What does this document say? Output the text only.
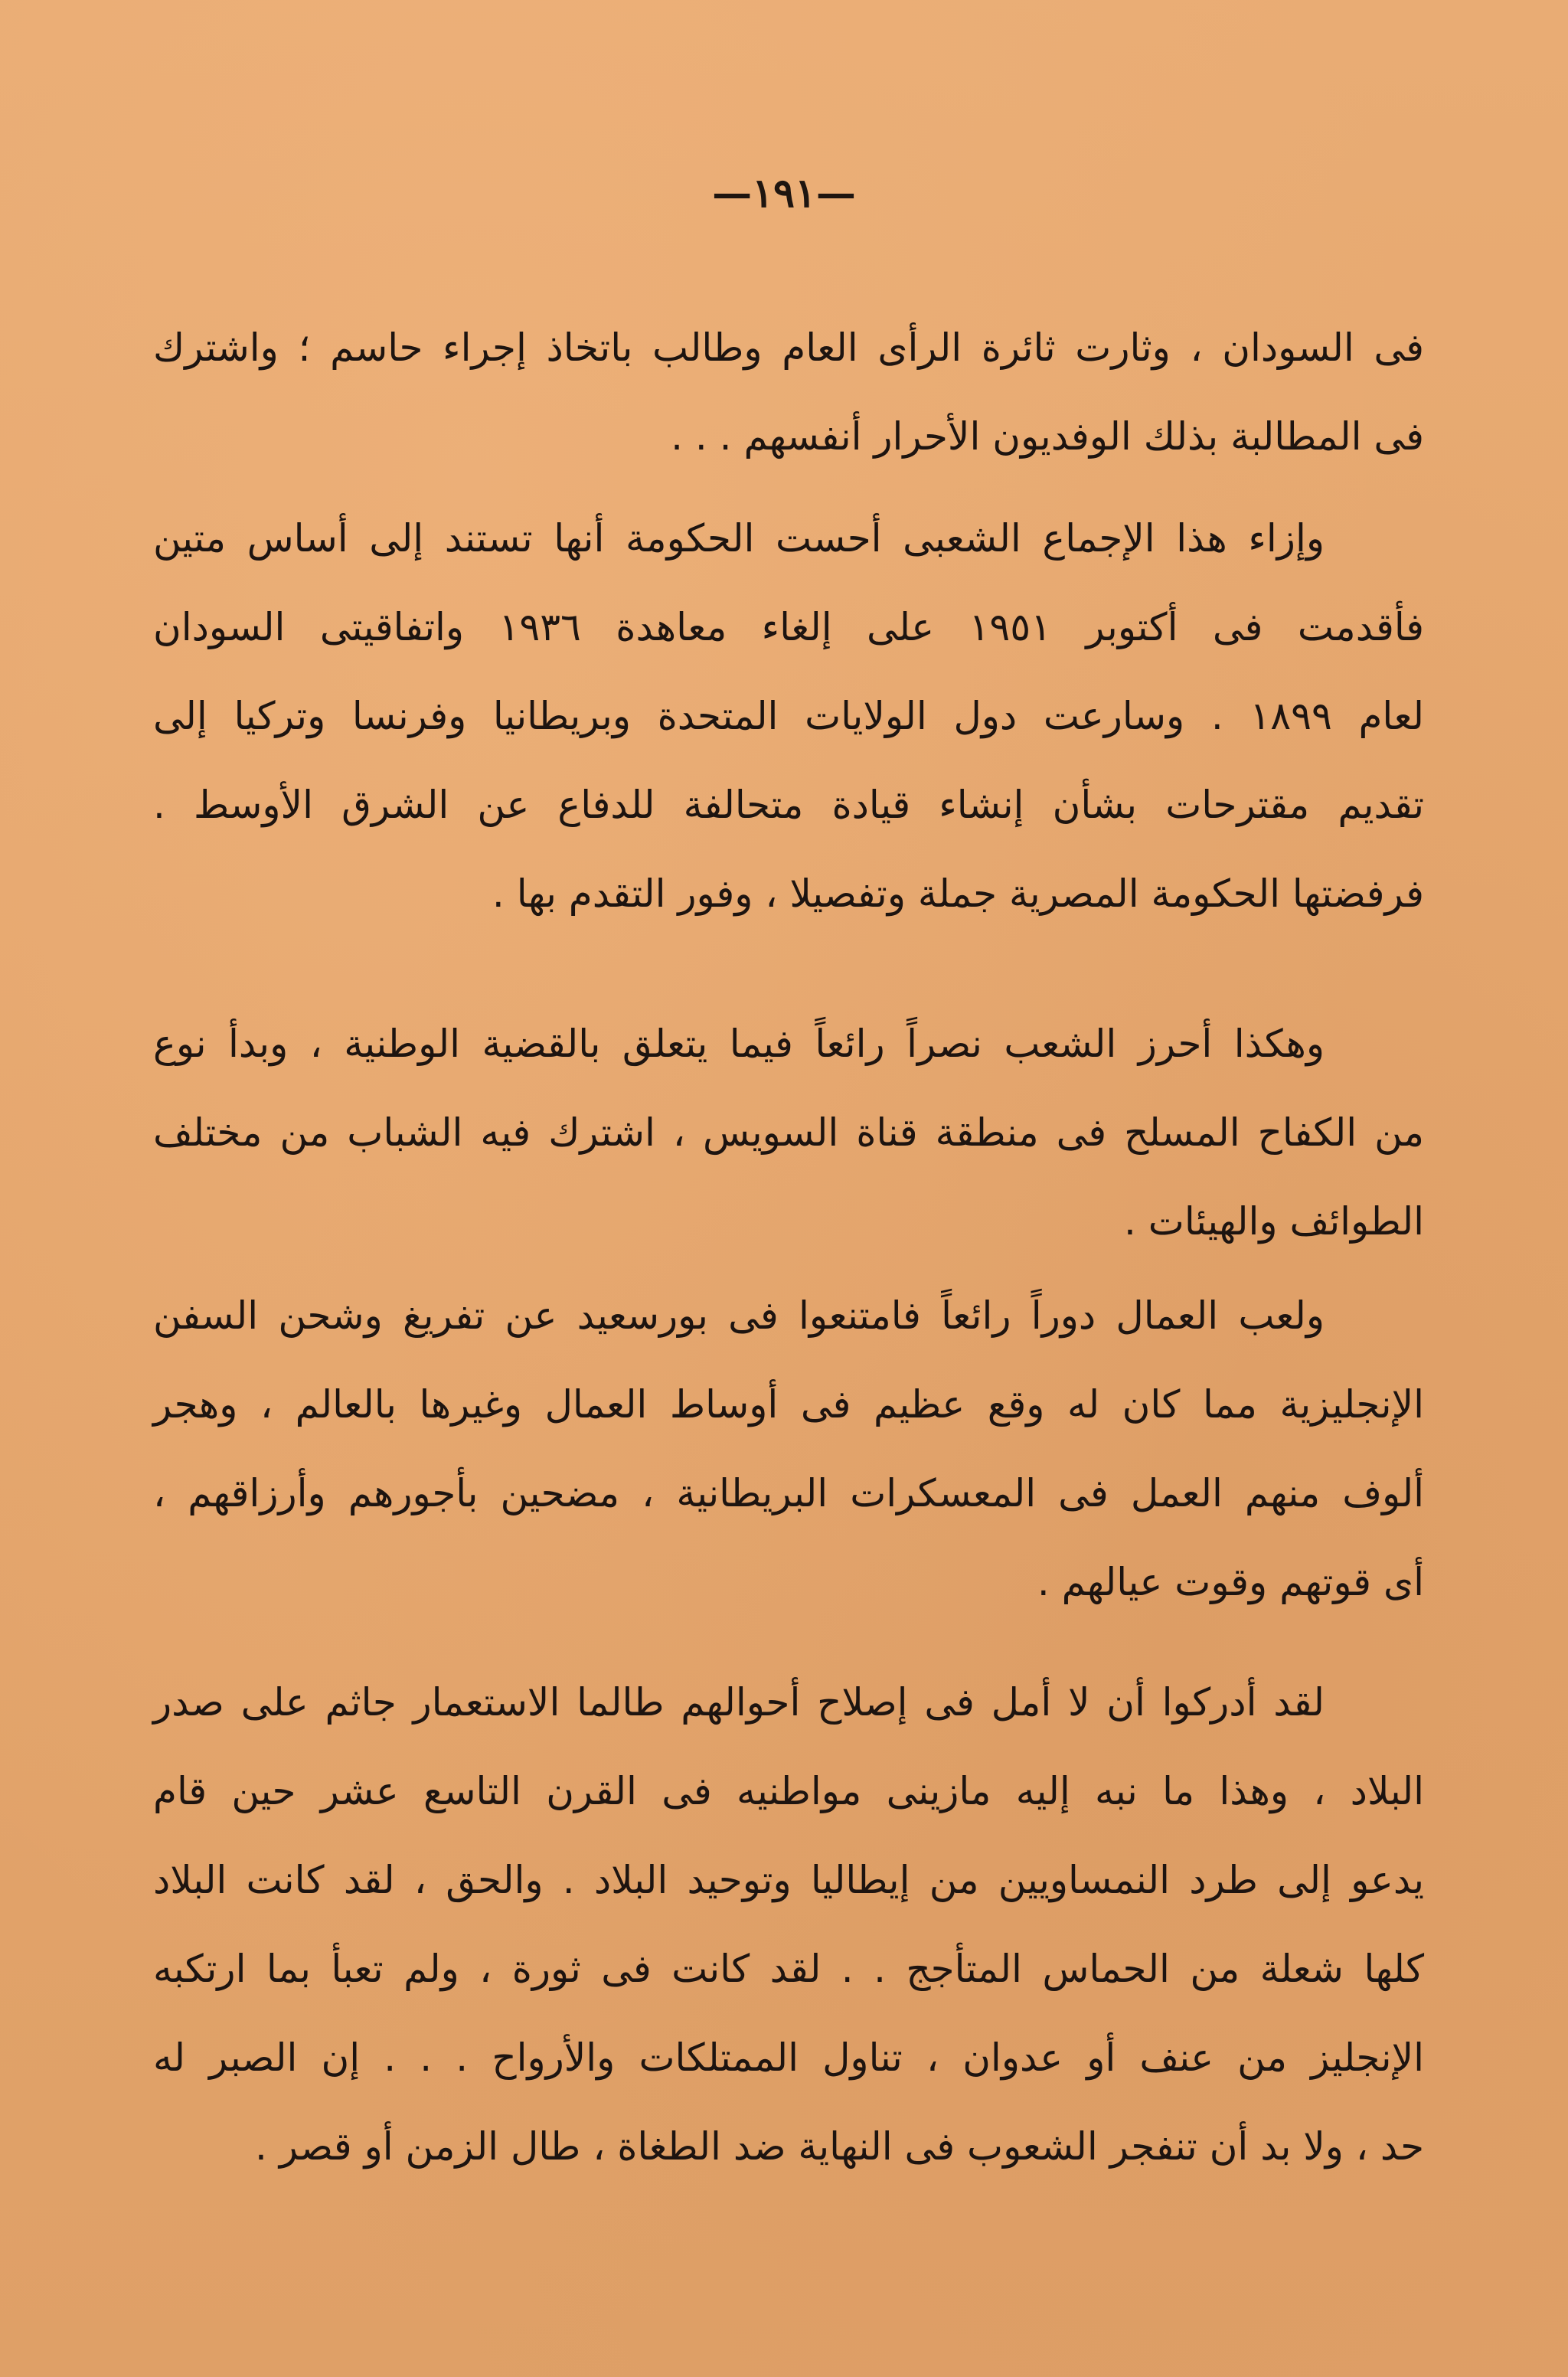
—١٩١—
فى السودان ، وثارت ثائرة الرأى العام وطالب باتخاذ إجراء حاسم ؛ واشترك
فى المطالبة بذلك الوفديون الأحرار أنفسهم . . .
وإزاء هذا الإجماع الشعبى أحست الحكومة أنها تستند إلى أساس متين
فأقدمت فى أكتوبر ١٩٥١ على إلغاء معاهدة ١٩٣٦ واتفاقيتى السودان
لعام ١٨٩٩ . وسارعت دول الولايات المتحدة وبريطانيا وفرنسا وتركيا إلى
تقديم مقترحات بشأن إنشاء قيادة متحالفة للدفاع عن الشرق الأوسط .
فرفضتها الحكومة المصرية جملة وتفصيلا ، وفور التقدم بها .
وهكذا أحرز الشعب نصراً رائعاً فيما يتعلق بالقضية الوطنية ، وبدأ نوع
من الكفاح المسلح فى منطقة قناة السويس ، اشترك فيه الشباب من مختلف
الطوائف والهيئات .
ولعب العمال دوراً رائعاً فامتنعوا فى بورسعيد عن تفريغ وشحن السفن
الإنجليزية مما كان له وقع عظيم فى أوساط العمال وغيرها بالعالم ، وهجر
ألوف منهم العمل فى المعسكرات البريطانية ، مضحين بأجورهم وأرزاقهم ،
أى قوتهم وقوت عيالهم .
لقد أدركوا أن لا أمل فى إصلاح أحوالهم طالما الاستعمار جاثم على صدر
البلاد ، وهذا ما نبه إليه مازينى مواطنيه فى القرن التاسع عشر حين قام
يدعو إلى طرد النمساويين من إيطاليا وتوحيد البلاد . والحق ، لقد كانت البلاد
كلها شعلة من الحماس المتأجج . . لقد كانت فى ثورة ، ولم تعبأ بما ارتكبه
الإنجليز من عنف أو عدوان ، تناول الممتلكات والأرواح . . . إن الصبر له
حد ، ولا بد أن تنفجر الشعوب فى النهاية ضد الطغاة ، طال الزمن أو قصر .
